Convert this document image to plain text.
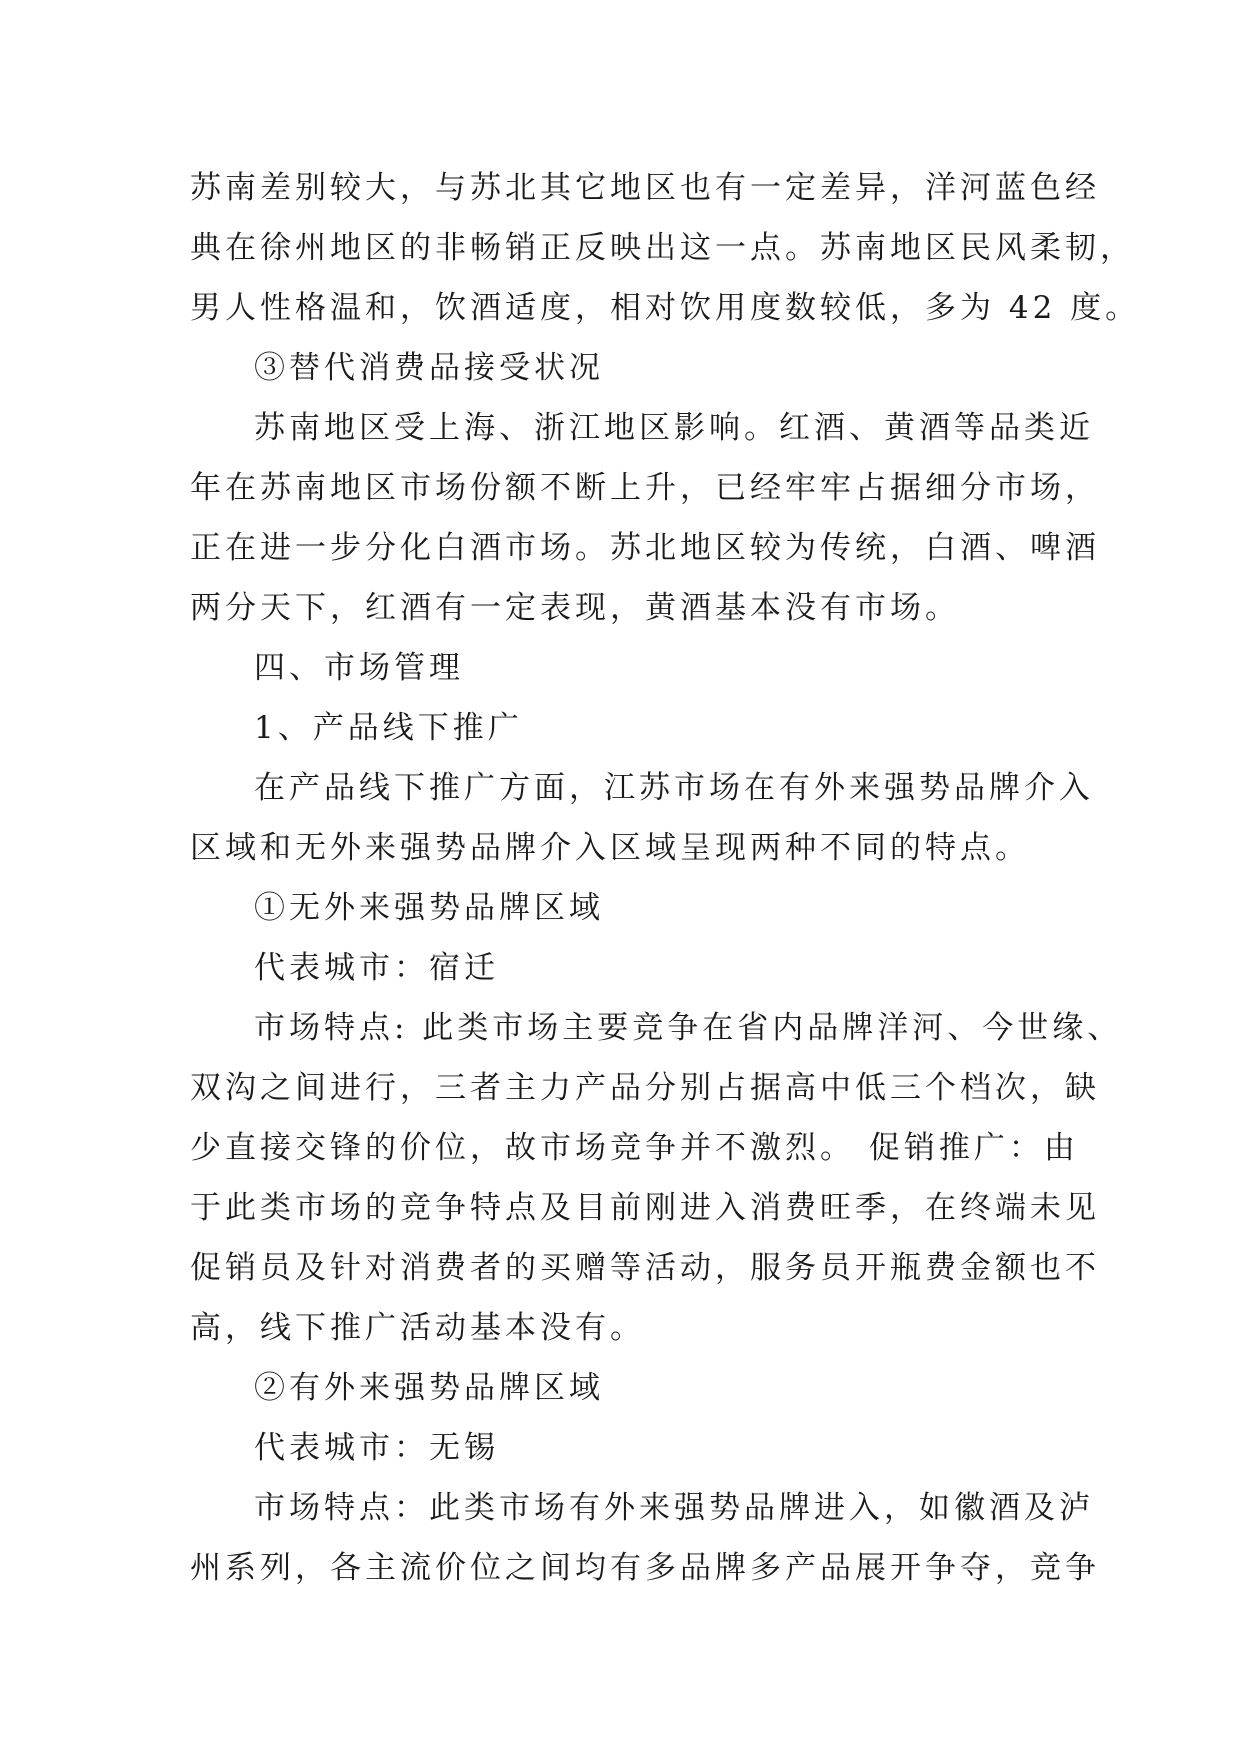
苏南差别较大，与苏北其它地区也有一定差异，洋河蓝色经
典在徐州地区的非畅销正反映出这一点。苏南地区民风柔韧，
男人性格温和，饮酒适度，相对饮用度数较低，多为 42 度。
③替代消费品接受状况
苏南地区受上海、浙江地区影响。红酒、黄酒等品类近
年在苏南地区市场份额不断上升，已经牢牢占据细分市场，
正在进一步分化白酒市场。苏北地区较为传统，白酒、啤酒
两分天下，红酒有一定表现，黄酒基本没有市场。
四、市场管理
1、产品线下推广
在产品线下推广方面，江苏市场在有外来强势品牌介入
区域和无外来强势品牌介入区域呈现两种不同的特点。
①无外来强势品牌区域
代表城市：宿迁
市场特点: 此类市场主要竞争在省内品牌洋河、今世缘、
双沟之间进行，三者主力产品分别占据高中低三个档次，缺
少直接交锋的价位，故市场竞争并不激烈。 促销推广：由
于此类市场的竞争特点及目前刚进入消费旺季，在终端未见
促销员及针对消费者的买赠等活动，服务员开瓶费金额也不
高，线下推广活动基本没有。
②有外来强势品牌区域
代表城市：无锡
市场特点：此类市场有外来强势品牌进入，如徽酒及泸
州系列，各主流价位之间均有多品牌多产品展开争夺，竞争
